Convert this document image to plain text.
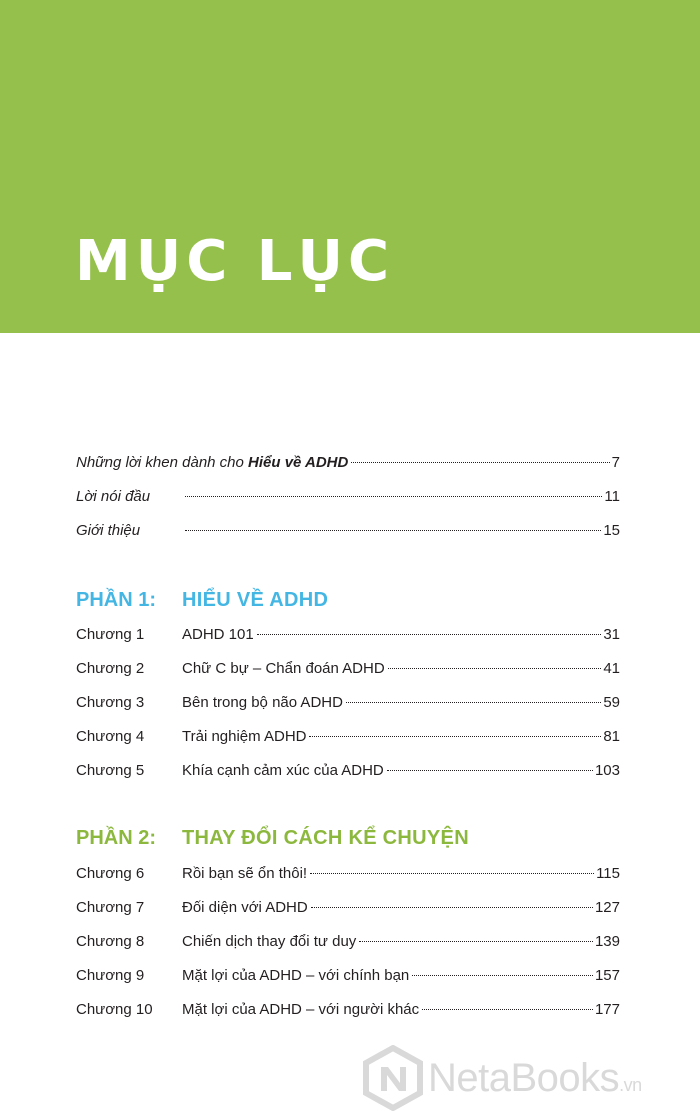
MỤC LỤC
Những lời khen dành cho Hiểu về ADHD	7
Lời nói đầu	11
Giới thiệu	15
PHẦN 1:	HIỂU VỀ ADHD
Chương 1	ADHD 101	31
Chương 2	Chữ C bự – Chẩn đoán ADHD	41
Chương 3	Bên trong bộ não ADHD	59
Chương 4	Trải nghiệm ADHD	81
Chương 5	Khía cạnh cảm xúc của ADHD	103
PHẦN 2:	THAY ĐỔI CÁCH KỂ CHUYỆN
Chương 6	Rồi bạn sẽ ổn thôi!	115
Chương 7	Đối diện với ADHD	127
Chương 8	Chiến dịch thay đổi tư duy	139
Chương 9	Mặt lợi của ADHD – với chính bạn	157
Chương 10	Mặt lợi của ADHD – với người khác	177
NetaBooks.vn
